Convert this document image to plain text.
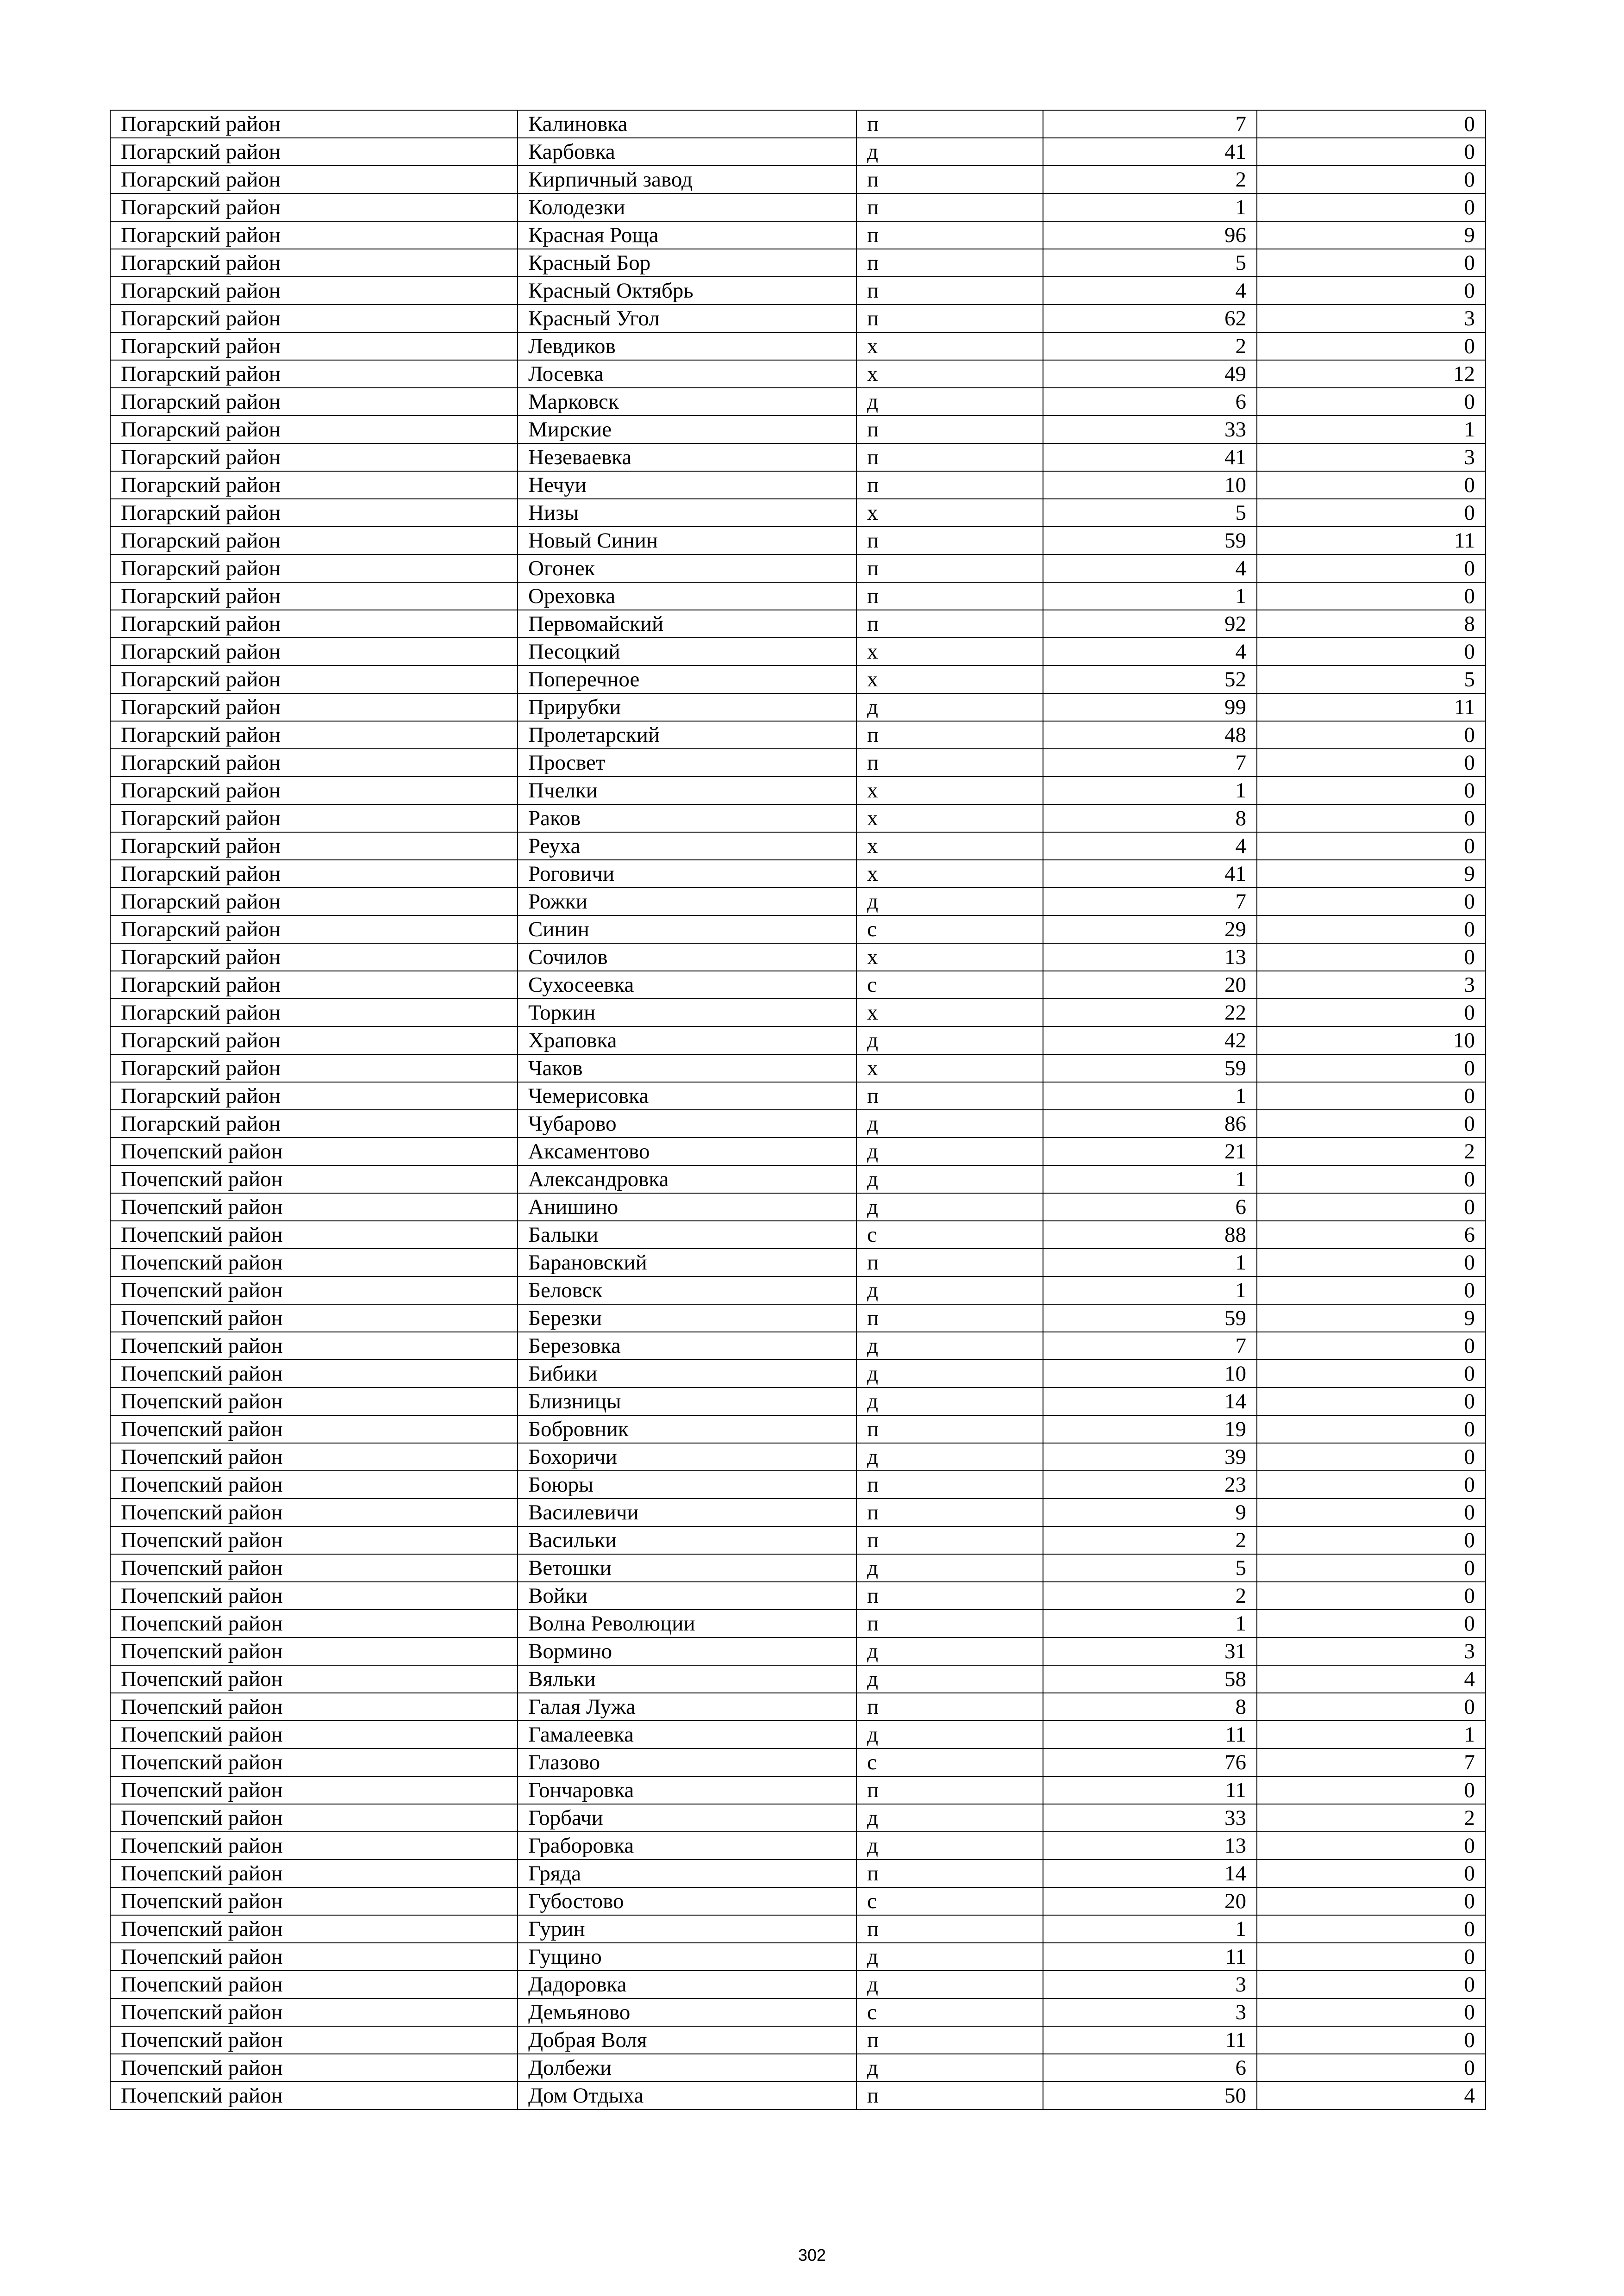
Погарский район	Калиновка	п	7	0
Погарский район	Карбовка	д	41	0
Погарский район	Кирпичный завод	п	2	0
Погарский район	Колодезки	п	1	0
Погарский район	Красная Роща	п	96	9
Погарский район	Красный Бор	п	5	0
Погарский район	Красный Октябрь	п	4	0
Погарский район	Красный Угол	п	62	3
Погарский район	Левдиков	х	2	0
Погарский район	Лосевка	х	49	12
Погарский район	Марковск	д	6	0
Погарский район	Мирские	п	33	1
Погарский район	Незеваевка	п	41	3
Погарский район	Нечуи	п	10	0
Погарский район	Низы	х	5	0
Погарский район	Новый Синин	п	59	11
Погарский район	Огонек	п	4	0
Погарский район	Ореховка	п	1	0
Погарский район	Первомайский	п	92	8
Погарский район	Песоцкий	х	4	0
Погарский район	Поперечное	х	52	5
Погарский район	Прирубки	д	99	11
Погарский район	Пролетарский	п	48	0
Погарский район	Просвет	п	7	0
Погарский район	Пчелки	х	1	0
Погарский район	Раков	х	8	0
Погарский район	Реуха	х	4	0
Погарский район	Роговичи	х	41	9
Погарский район	Рожки	д	7	0
Погарский район	Синин	с	29	0
Погарский район	Сочилов	х	13	0
Погарский район	Сухосеевка	с	20	3
Погарский район	Торкин	х	22	0
Погарский район	Храповка	д	42	10
Погарский район	Чаков	х	59	0
Погарский район	Чемерисовка	п	1	0
Погарский район	Чубарово	д	86	0
Почепский район	Аксаментово	д	21	2
Почепский район	Александровка	д	1	0
Почепский район	Анишино	д	6	0
Почепский район	Балыки	с	88	6
Почепский район	Барановский	п	1	0
Почепский район	Беловск	д	1	0
Почепский район	Березки	п	59	9
Почепский район	Березовка	д	7	0
Почепский район	Бибики	д	10	0
Почепский район	Близницы	д	14	0
Почепский район	Бобровник	п	19	0
Почепский район	Бохоричи	д	39	0
Почепский район	Боюры	п	23	0
Почепский район	Василевичи	п	9	0
Почепский район	Васильки	п	2	0
Почепский район	Ветошки	д	5	0
Почепский район	Войки	п	2	0
Почепский район	Волна Революции	п	1	0
Почепский район	Вормино	д	31	3
Почепский район	Вяльки	д	58	4
Почепский район	Галая Лужа	п	8	0
Почепский район	Гамалеевка	д	11	1
Почепский район	Глазово	с	76	7
Почепский район	Гончаровка	п	11	0
Почепский район	Горбачи	д	33	2
Почепский район	Граборовка	д	13	0
Почепский район	Гряда	п	14	0
Почепский район	Губостово	с	20	0
Почепский район	Гурин	п	1	0
Почепский район	Гущино	д	11	0
Почепский район	Дадоровка	д	3	0
Почепский район	Демьяново	с	3	0
Почепский район	Добрая Воля	п	11	0
Почепский район	Долбежи	д	6	0
Почепский район	Дом Отдыха	п	50	4
302
